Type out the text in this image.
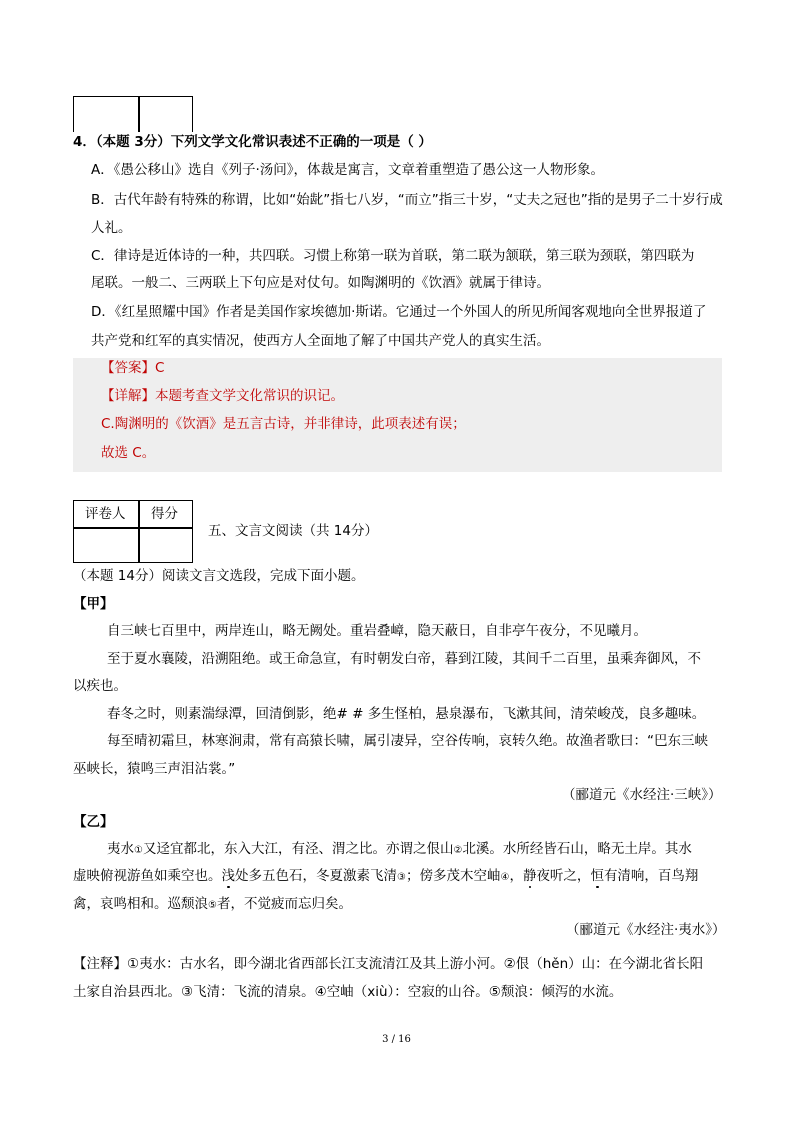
4．（本题 3分）下列文学文化常识表述不正确的一项是（ ）
A．《愚公移山》选自《列子·汤问》，体裁是寓言，文章着重塑造了愚公这一人物形象。
B．古代年龄有特殊的称谓，比如“始龀”指七八岁，“而立”指三十岁，“丈夫之冠也”指的是男子二十岁行成
人礼。
C．律诗是近体诗的一种，共四联。习惯上称第一联为首联，第二联为颔联，第三联为颈联，第四联为
尾联。一般二、三两联上下句应是对仗句。如陶渊明的《饮酒》就属于律诗。
D．《红星照耀中国》作者是美国作家埃德加·斯诺。它通过一个外国人的所见所闻客观地向全世界报道了
共产党和红军的真实情况，使西方人全面地了解了中国共产党人的真实生活。
【答案】C
【详解】本题考查文学文化常识的识记。
C.陶渊明的《饮酒》是五言古诗，并非律诗，此项表述有误；
故选 C。
评卷人 得分
五、文言文阅读（共 14分）
（本题 14分）阅读文言文选段，完成下面小题。
【甲】
自三峡七百里中，两岸连山，略无阙处。重岩叠嶂，隐天蔽日，自非亭午夜分，不见曦月。
至于夏水襄陵，沿溯阻绝。或王命急宣，有时朝发白帝，暮到江陵，其间千二百里，虽乘奔御风，不
以疾也。
春冬之时，则素湍绿潭，回清倒影，绝# # 多生怪柏，悬泉瀑布，飞漱其间，清荣峻茂，良多趣味。
每至晴初霜旦，林寒涧肃，常有高猿长啸，属引凄异，空谷传响，哀转久绝。故渔者歌曰：“巴东三峡
巫峡长，猿鸣三声泪沾裳。”
（郦道元《水经注·三峡》）
【乙】
夷水①又迳宜都北，东入大江，有泾、渭之比。亦谓之佷山②北溪。水所经皆石山，略无土岸。其水
虚映俯视游鱼如乘空也。浅处多五色石，冬夏激素飞清③；傍多茂木空岫④，静夜听之，恒有清响，百鸟翔
禽，哀鸣相和。巡颓浪⑤者，不觉疲而忘归矣。
（郦道元《水经注·夷水》）
【注释】①夷水：古水名，即今湖北省西部长江支流清江及其上游小河。②佷（hěn）山：在今湖北省长阳
土家自治县西北。③飞清：飞流的清泉。④空岫（xiù）：空寂的山谷。⑤颓浪：倾泻的水流。
3 / 16
